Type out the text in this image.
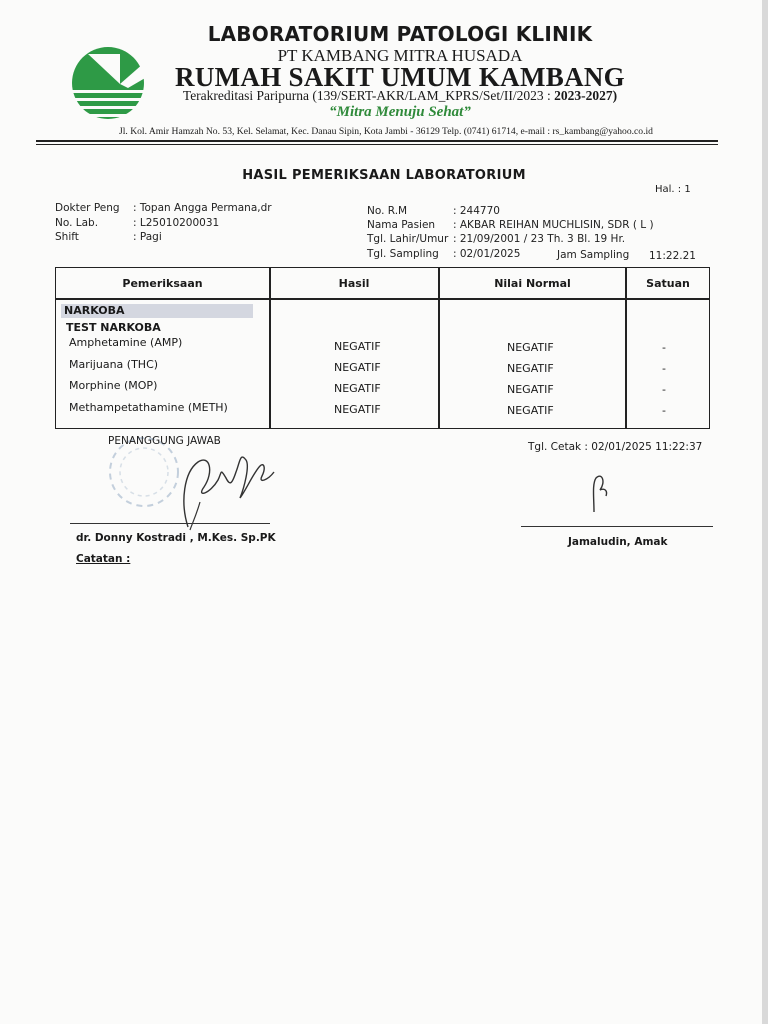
LABORATORIUM PATOLOGI KLINIK
PT KAMBANG MITRA HUSADA
RUMAH SAKIT UMUM KAMBANG
Terakreditasi Paripurna (139/SERT-AKR/LAM_KPRS/Set/II/2023 : 2023-2027)
“Mitra Menuju Sehat”
Jl. Kol. Amir Hamzah No. 53, Kel. Selamat, Kec. Danau Sipin, Kota Jambi - 36129 Telp. (0741) 61714, e-mail : rs_kambang@yahoo.co.id
HASIL PEMERIKSAAN LABORATORIUM
Hal. : 1
Dokter Peng : Topan Angga Permana,dr
No. Lab.	: L25010200031
Shift	: Pagi
No. R.M	: 244770
Nama Pasien : AKBAR REIHAN MUCHLISIN, SDR ( L )
Tgl. Lahir/Umur : 21/09/2001 / 23 Th. 3 Bl. 19 Hr.
Tgl. Sampling : 02/01/2025	Jam Sampling 11:22.21
Pemeriksaan	Hasil	Nilai Normal	Satuan
NARKOBA
TEST NARKOBA
Amphetamine (AMP)	NEGATIF	NEGATIF	-
Marijuana (THC)	NEGATIF	NEGATIF	-
Morphine (MOP)	NEGATIF	NEGATIF	-
Methampetathamine (METH)	NEGATIF	NEGATIF	-
PENANGGUNG JAWAB
dr. Donny Kostradi , M.Kes. Sp.PK
Catatan :
Tgl. Cetak : 02/01/2025 11:22:37
Jamaludin, Amak
